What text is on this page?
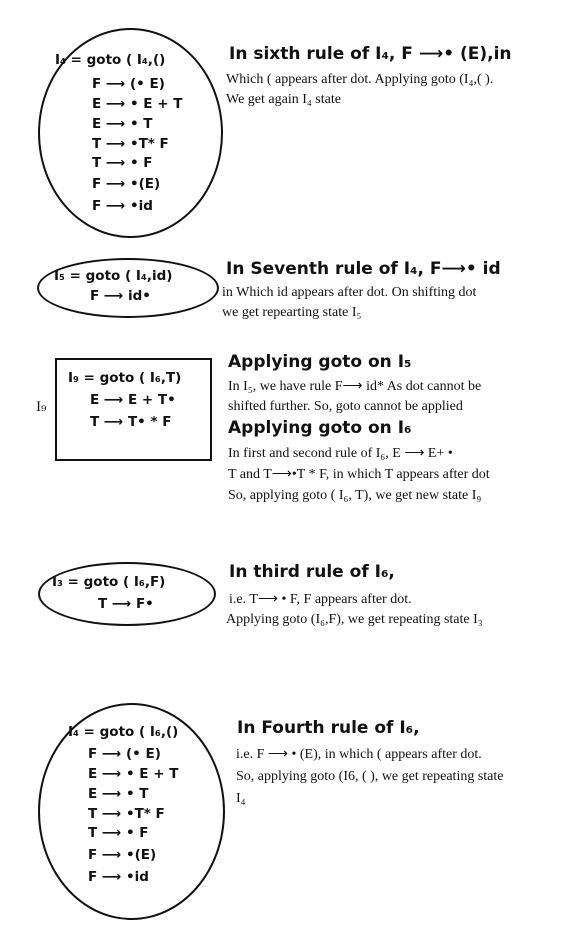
I₄ = goto ( I₄,()
F ⟶ (• E)
E ⟶ • E + T
E ⟶ • T
T ⟶ •T* F
T ⟶ • F
F ⟶ •(E)
F ⟶ •id
In sixth rule of I₄, F ⟶• (E),in
Which ( appears after dot. Applying goto (I₄,( ).
We get again I₄ state
I₅ = goto ( I₄,id)
F ⟶ id•
In Seventh rule of I₄, F⟶• id
in Which id appears after dot. On shifting dot
we get repearting state I₅
I₉
I₉ = goto ( I₆,T)
E ⟶ E + T•
T ⟶ T• * F
Applying goto on I₅
In I₅, we have rule F⟶ id* As dot cannot be
shifted further. So, goto cannot be applied
Applying goto on I₆
In first and second rule of I₆, E ⟶ E+ •
T and T⟶•T * F, in which T appears after dot
So, applying goto ( I₆, T), we get new state I₉
I₃ = goto ( I₆,F)
T ⟶ F•
In third rule of I₆,
i.e. T⟶ • F, F appears after dot.
Applying goto (I₆,F), we get repeating state I₃
I₄ = goto ( I₆,()
F ⟶ (• E)
E ⟶ • E + T
E ⟶ • T
T ⟶ •T* F
T ⟶ • F
F ⟶ •(E)
F ⟶ •id
In Fourth rule of I₆,
i.e. F ⟶ • (E), in which ( appears after dot.
So, applying goto (I6, ( ), we get repeating state
I₄
